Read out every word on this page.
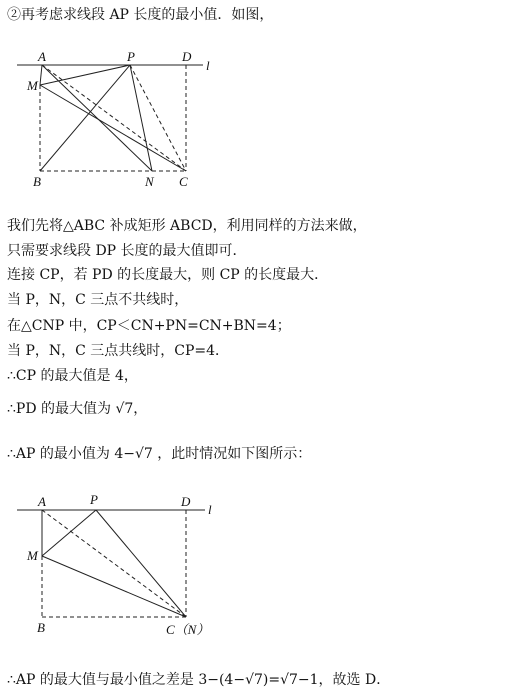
②再考虑求线段 AP 长度的最小值．如图，
A	P	D
l
M
B	N C
我们先将△ABC 补成矩形 ABCD，利用同样的方法来做，
只需要求线段 DP 长度的最大值即可．
连接 CP，若 PD 的长度最大，则 CP 的长度最大．
当 P，N，C 三点不共线时，
在△CNP 中，CP＜CN+PN=CN+BN=4；
当 P，N，C 三点共线时，CP=4．
∴CP 的最大值是 4，
∴PD 的最大值为 √7，
∴AP 的最小值为 4−√7 ，此时情况如下图所示：
A	P	D
l
M
B	C（N）
∴AP 的最大值与最小值之差是 3−(4−√7)=√7−1，故选 D．
